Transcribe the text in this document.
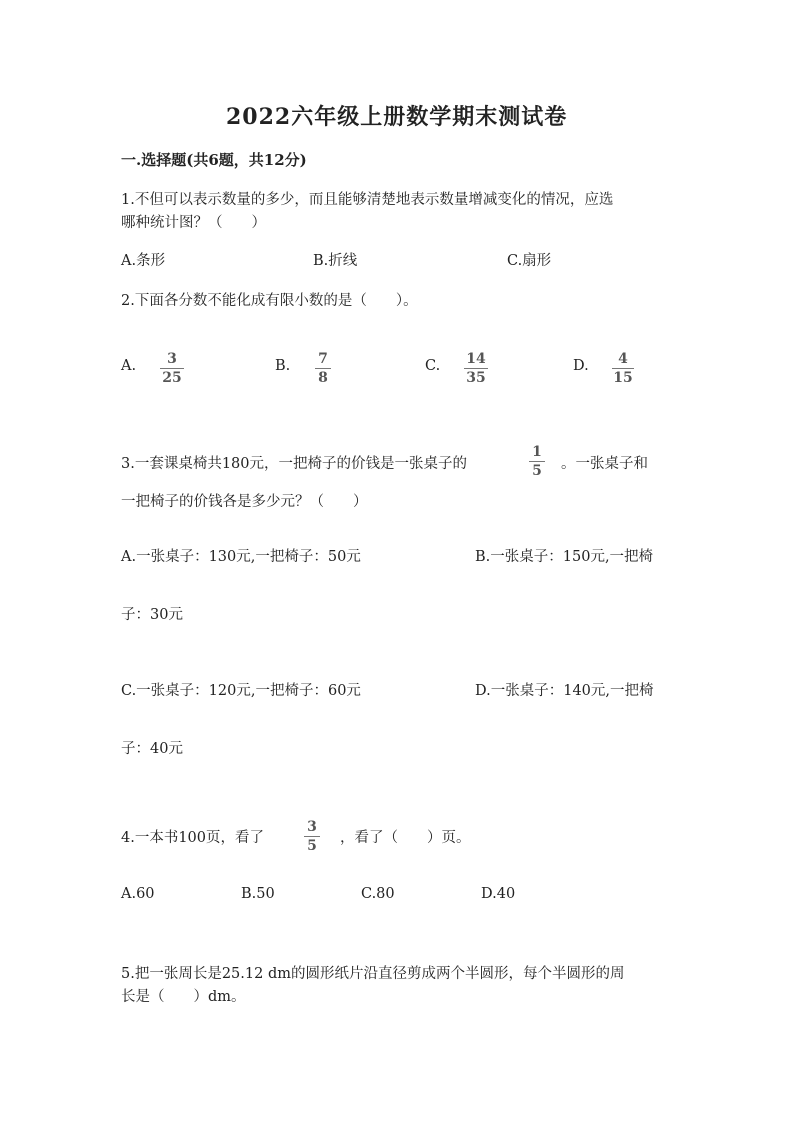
2022六年级上册数学期末测试卷
一.选择题(共6题，共12分)
1.不但可以表示数量的多少，而且能够清楚地表示数量增减变化的情况，应选
哪种统计图？（　　）
A.条形	B.折线	C.扇形
2.下面各分数不能化成有限小数的是（　　）。
A. 3
25
B. 7
8
C. 14
35
D. 4
15
3.一套课桌椅共180元，一把椅子的价钱是一张桌子的
1
5 。一张桌子和
一把椅子的价钱各是多少元？（　　）
A.一张桌子：130元,一把椅子：50元	B.一张桌子：150元,一把椅
子：30元
C.一张桌子：120元,一把椅子：60元	D.一张桌子：140元,一把椅
子：40元
4.一本书100页，看了
3
5 ，看了（　　）页。
A.60	B.50	C.80	D.40
5.把一张周长是25.12 dm的圆形纸片沿直径剪成两个半圆形，每个半圆形的周
长是（　　）dm。
